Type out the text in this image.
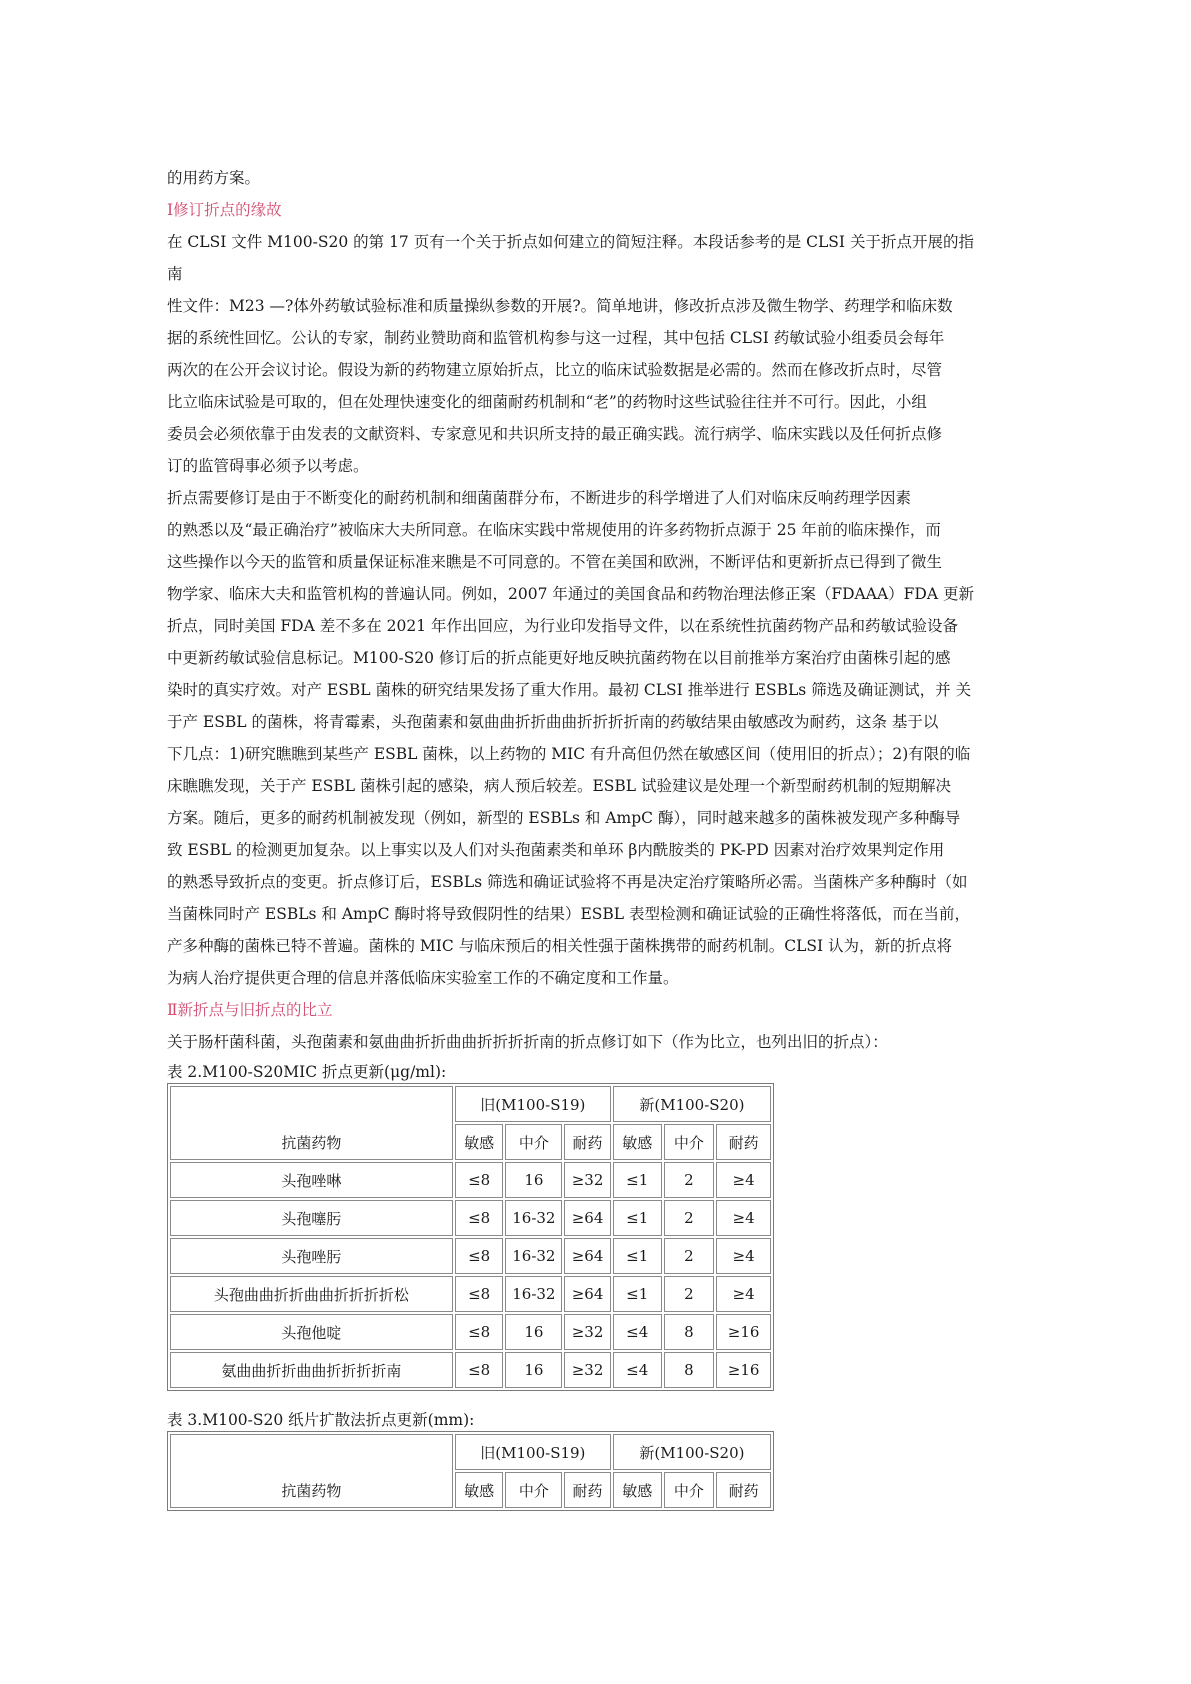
的用药方案。
Ⅰ修订折点的缘故
在 CLSI 文件 M100-S20 的第 17 页有一个关于折点如何建立的简短注释。本段话参考的是 CLSI 关于折点开展的指
南
性文件：M23 —?体外药敏试验标准和质量操纵参数的开展?。简单地讲，修改折点涉及微生物学、药理学和临床数
据的系统性回忆。公认的专家，制药业赞助商和监管机构参与这一过程，其中包括 CLSI 药敏试验小组委员会每年
两次的在公开会议讨论。假设为新的药物建立原始折点，比立的临床试验数据是必需的。然而在修改折点时，尽管
比立临床试验是可取的，但在处理快速变化的细菌耐药机制和“老”的药物时这些试验往往并不可行。因此，小组
委员会必须依靠于由发表的文献资料、专家意见和共识所支持的最正确实践。流行病学、临床实践以及任何折点修
订的监管碍事必须予以考虑。
折点需要修订是由于不断变化的耐药机制和细菌菌群分布，不断进步的科学增进了人们对临床反响药理学因素
的熟悉以及“最正确治疗”被临床大夫所同意。在临床实践中常规使用的许多药物折点源于 25 年前的临床操作，而
这些操作以今天的监管和质量保证标准来瞧是不可同意的。不管在美国和欧洲，不断评估和更新折点已得到了微生
物学家、临床大夫和监管机构的普遍认同。例如，2007 年通过的美国食品和药物治理法修正案（FDAAA）FDA 更新
折点，同时美国 FDA 差不多在 2021 年作出回应，为行业印发指导文件，以在系统性抗菌药物产品和药敏试验设备
中更新药敏试验信息标记。M100-S20 修订后的折点能更好地反映抗菌药物在以目前推举方案治疗由菌株引起的感
染时的真实疗效。对产 ESBL 菌株的研究结果发扬了重大作用。最初 CLSI 推举进行 ESBLs 筛选及确证测试，并 关
于产 ESBL 的菌株，将青霉素，头孢菌素和氨曲曲折折曲曲折折折折南的药敏结果由敏感改为耐药，这条 基于以
下几点：1)研究瞧瞧到某些产 ESBL 菌株，以上药物的 MIC 有升高但仍然在敏感区间（使用旧的折点）；2)有限的临
床瞧瞧发现，关于产 ESBL 菌株引起的感染，病人预后较差。ESBL 试验建议是处理一个新型耐药机制的短期解决
方案。随后，更多的耐药机制被发现（例如，新型的 ESBLs 和 AmpC 酶），同时越来越多的菌株被发现产多种酶导
致 ESBL 的检测更加复杂。以上事实以及人们对头孢菌素类和单环 β内酰胺类的 PK-PD 因素对治疗效果判定作用
的熟悉导致折点的变更。折点修订后，ESBLs 筛选和确证试验将不再是决定治疗策略所必需。当菌株产多种酶时（如
当菌株同时产 ESBLs 和 AmpC 酶时将导致假阴性的结果）ESBL 表型检测和确证试验的正确性将落低，而在当前，
产多种酶的菌株已特不普遍。菌株的 MIC 与临床预后的相关性强于菌株携带的耐药机制。CLSI 认为，新的折点将
为病人治疗提供更合理的信息并落低临床实验室工作的不确定度和工作量。
Ⅱ新折点与旧折点的比立
关于肠杆菌科菌，头孢菌素和氨曲曲折折曲曲折折折折南的折点修订如下（作为比立，也列出旧的折点）：
表 2.M100-S20MIC 折点更新(μg/ml):
抗菌药物	旧(M100-S19)			新(M100-S20)		
	敏感	中介	耐药	敏感	中介	耐药
头孢唑啉	≤8	16	≥32	≤1	2	≥4
头孢噻肟	≤8	16-32	≥64	≤1	2	≥4
头孢唑肟	≤8	16-32	≥64	≤1	2	≥4
头孢曲曲折折曲曲折折折折松	≤8	16-32	≥64	≤1	2	≥4
头孢他啶	≤8	16	≥32	≤4	8	≥16
氨曲曲折折曲曲折折折折南	≤8	16	≥32	≤4	8	≥16
表 3.M100-S20 纸片扩散法折点更新(mm):
抗菌药物	旧(M100-S19)			新(M100-S20)		
	敏感	中介	耐药	敏感	中介	耐药
